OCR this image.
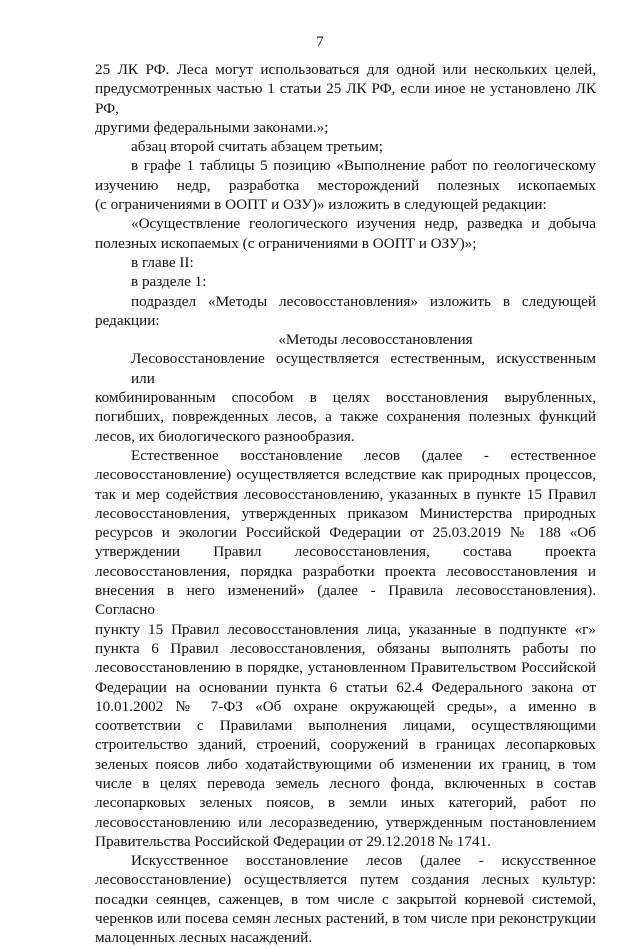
7
25 ЛК РФ. Леса могут использоваться для одной или нескольких целей,
предусмотренных частью 1 статьи 25 ЛК РФ, если иное не установлено ЛК РФ,
другими федеральными законами.»;
абзац второй считать абзацем третьим;
в графе 1 таблицы 5 позицию «Выполнение работ по геологическому
изучению недр, разработка месторождений полезных ископаемых
(с ограничениями в ООПТ и ОЗУ)» изложить в следующей редакции:
«Осуществление геологического изучения недр, разведка и добыча
полезных ископаемых (с ограничениями в ООПТ и ОЗУ)»;
в главе II:
в разделе 1:
подраздел «Методы лесовосстановления» изложить в следующей
редакции:
«Методы лесовосстановления
Лесовосстановление осуществляется естественным, искусственным или
комбинированным способом в целях восстановления вырубленных,
погибших, поврежденных лесов, а также сохранения полезных функций
лесов, их биологического разнообразия.
Естественное восстановление лесов (далее - естественное
лесовосстановление) осуществляется вследствие как природных процессов,
так и мер содействия лесовосстановлению, указанных в пункте 15 Правил
лесовосстановления, утвержденных приказом Министерства природных
ресурсов и экологии Российской Федерации от 25.03.2019 № 188 «Об
утверждении Правил лесовосстановления, состава проекта
лесовосстановления, порядка разработки проекта лесовосстановления и
внесения в него изменений» (далее - Правила лесовосстановления). Согласно
пункту 15 Правил лесовосстановления лица, указанные в подпункте «г»
пункта 6 Правил лесовосстановления, обязаны выполнять работы по
лесовосстановлению в порядке, установленном Правительством Российской
Федерации на основании пункта 6 статьи 62.4 Федерального закона от
10.01.2002 № 7-ФЗ «Об охране окружающей среды», а именно в
соответствии с Правилами выполнения лицами, осуществляющими
строительство зданий, строений, сооружений в границах лесопарковых
зеленых поясов либо ходатайствующими об изменении их границ, в том
числе в целях перевода земель лесного фонда, включенных в состав
лесопарковых зеленых поясов, в земли иных категорий, работ по
лесовосстановлению или лесоразведению, утвержденным постановлением
Правительства Российской Федерации от 29.12.2018 № 1741.
Искусственное восстановление лесов (далее - искусственное
лесовосстановление) осуществляется путем создания лесных культур:
посадки сеянцев, саженцев, в том числе с закрытой корневой системой,
черенков или посева семян лесных растений, в том числе при реконструкции
малоценных лесных насаждений.
